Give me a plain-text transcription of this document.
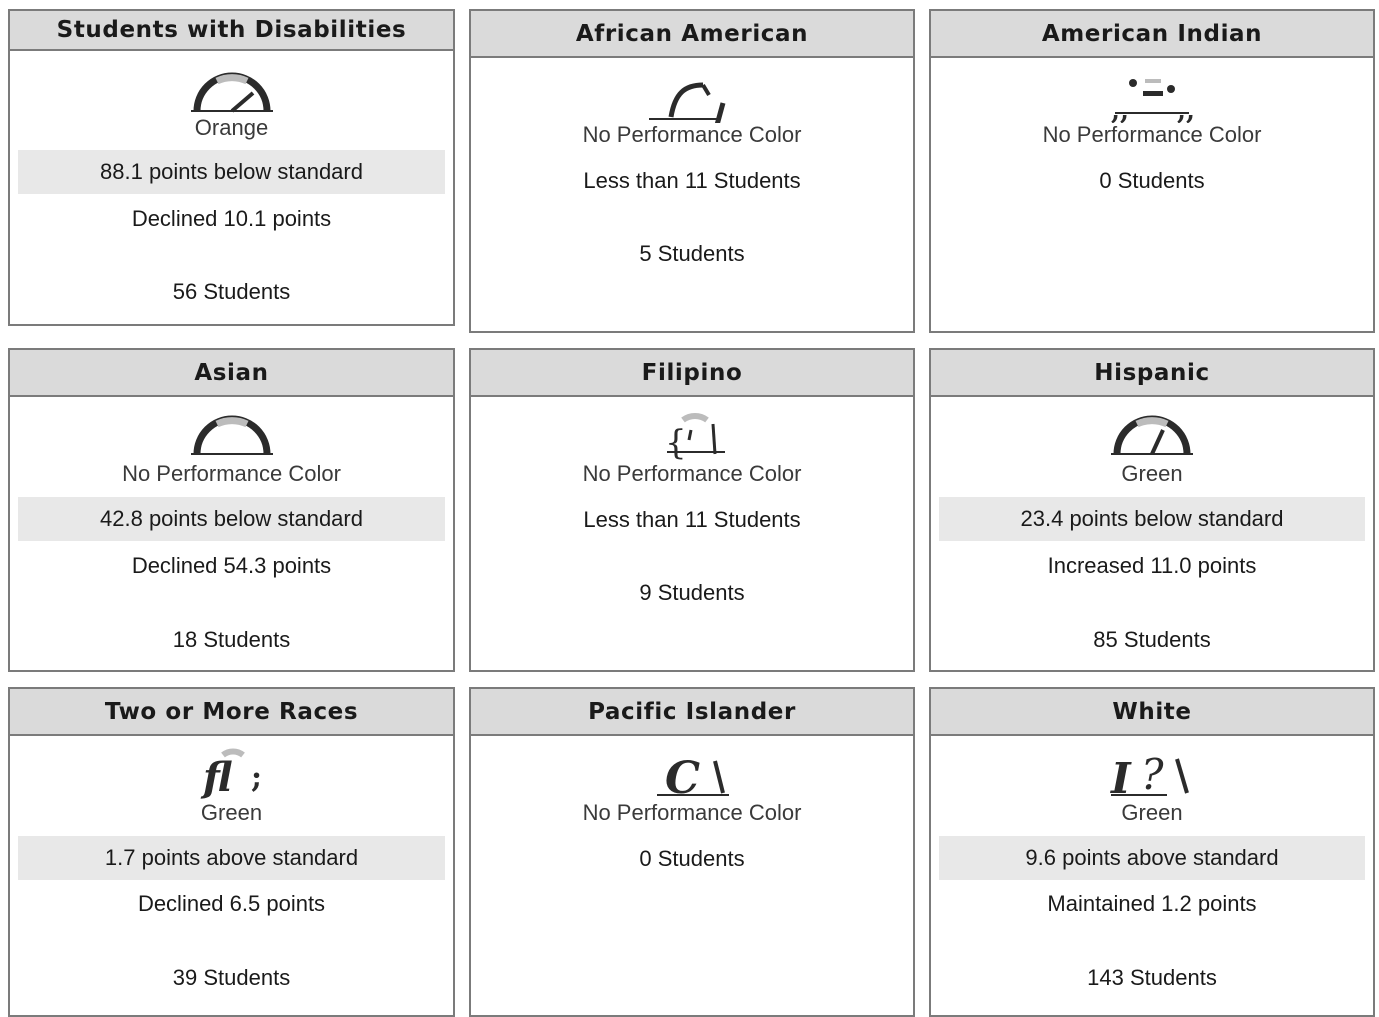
Students with Disabilities
Orange
88.1 points below standard
Declined 10.1 points
56 Students
African American
No Performance Color
Less than 11 Students
5 Students
American Indian
,, ,,
No Performance Color
0 Students
Asian
No Performance Color
42.8 points below standard
Declined 54.3 points
18 Students
Filipino
{
No Performance Color
Less than 11 Students
9 Students
Hispanic
Green
23.4 points below standard
Increased 11.0 points
85 Students
Two or More Races
fl ;
Green
1.7 points above standard
Declined 6.5 points
39 Students
Pacific Islander
C
No Performance Color
0 Students
White
I ?
Green
9.6 points above standard
Maintained 1.2 points
143 Students
